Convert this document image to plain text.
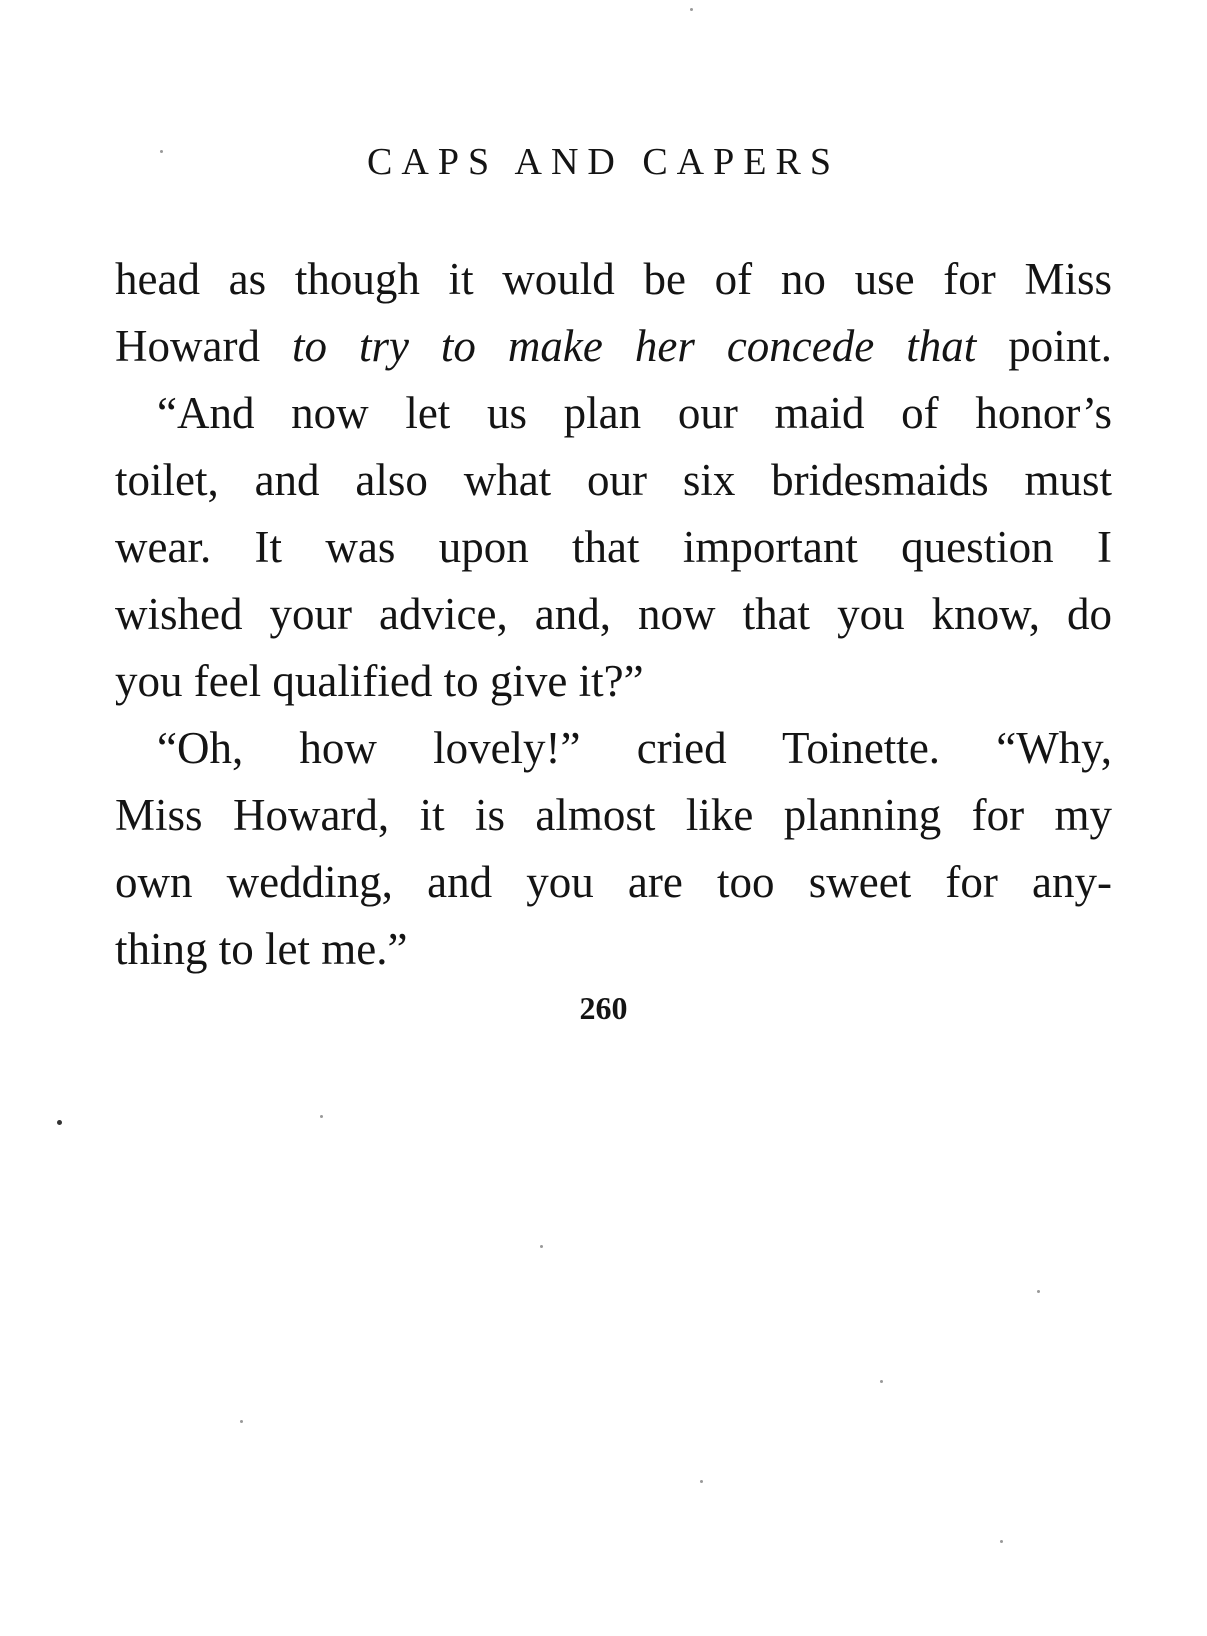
CAPS AND CAPERS
head as though it would be of no use for Miss
Howard to try to make her concede that point.
“And now let us plan our maid of honor’s
toilet, and also what our six bridesmaids must
wear. It was upon that important question I
wished your advice, and, now that you know, do
you feel qualified to give it?”
“Oh, how lovely!” cried Toinette. “Why,
Miss Howard, it is almost like planning for my
own wedding, and you are too sweet for any-
thing to let me.”
260
